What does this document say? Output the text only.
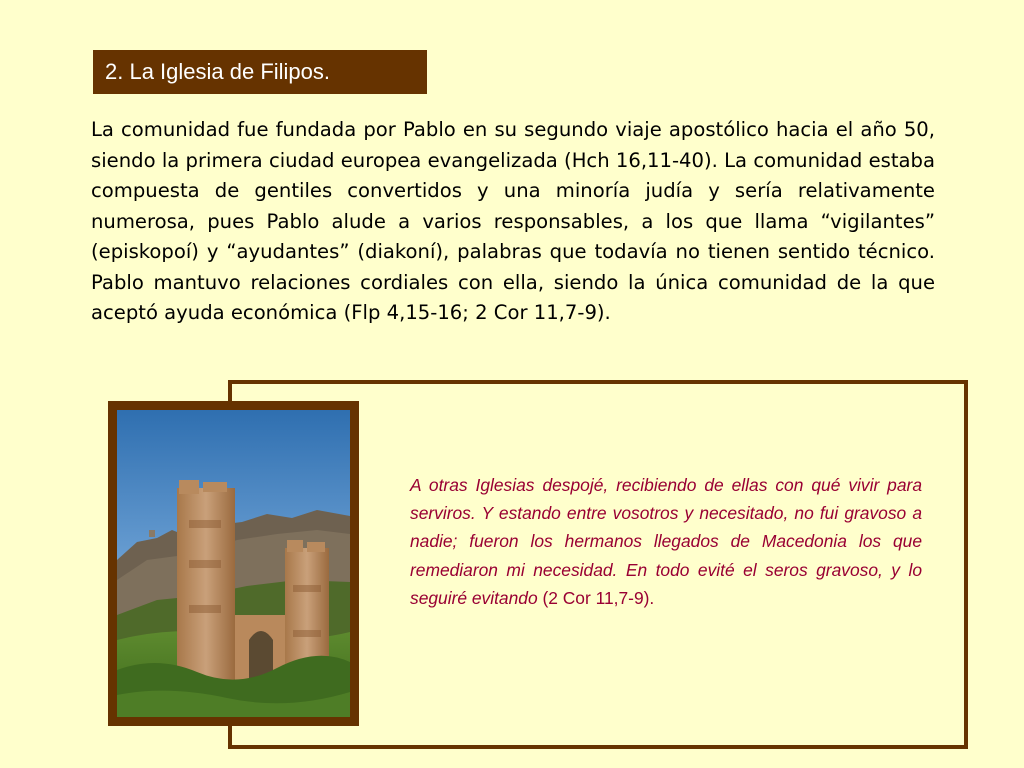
2. La Iglesia de Filipos.

La comunidad fue fundada por Pablo en su segundo viaje apostólico hacia el año 50, siendo la primera ciudad europea evangelizada (Hch 16,11-40). La comunidad estaba compuesta de gentiles convertidos y una minoría judía y sería relativamente numerosa, pues Pablo alude a varios responsables, a los que llama “vigilantes” (episkopoí) y “ayudantes” (diakoní), palabras que todavía no tienen sentido técnico. Pablo mantuvo relaciones cordiales con ella, siendo la única comunidad de la que aceptó ayuda económica (Flp 4,15-16; 2 Cor 11,7-9).

A otras Iglesias despojé, recibiendo de ellas con qué vivir para serviros. Y estando entre vosotros y necesitado, no fui gravoso a nadie; fueron los hermanos llegados de Macedonia los que remediaron mi necesidad. En todo evité el seros gravoso, y lo seguiré evitando (2 Cor 11,7-9).
